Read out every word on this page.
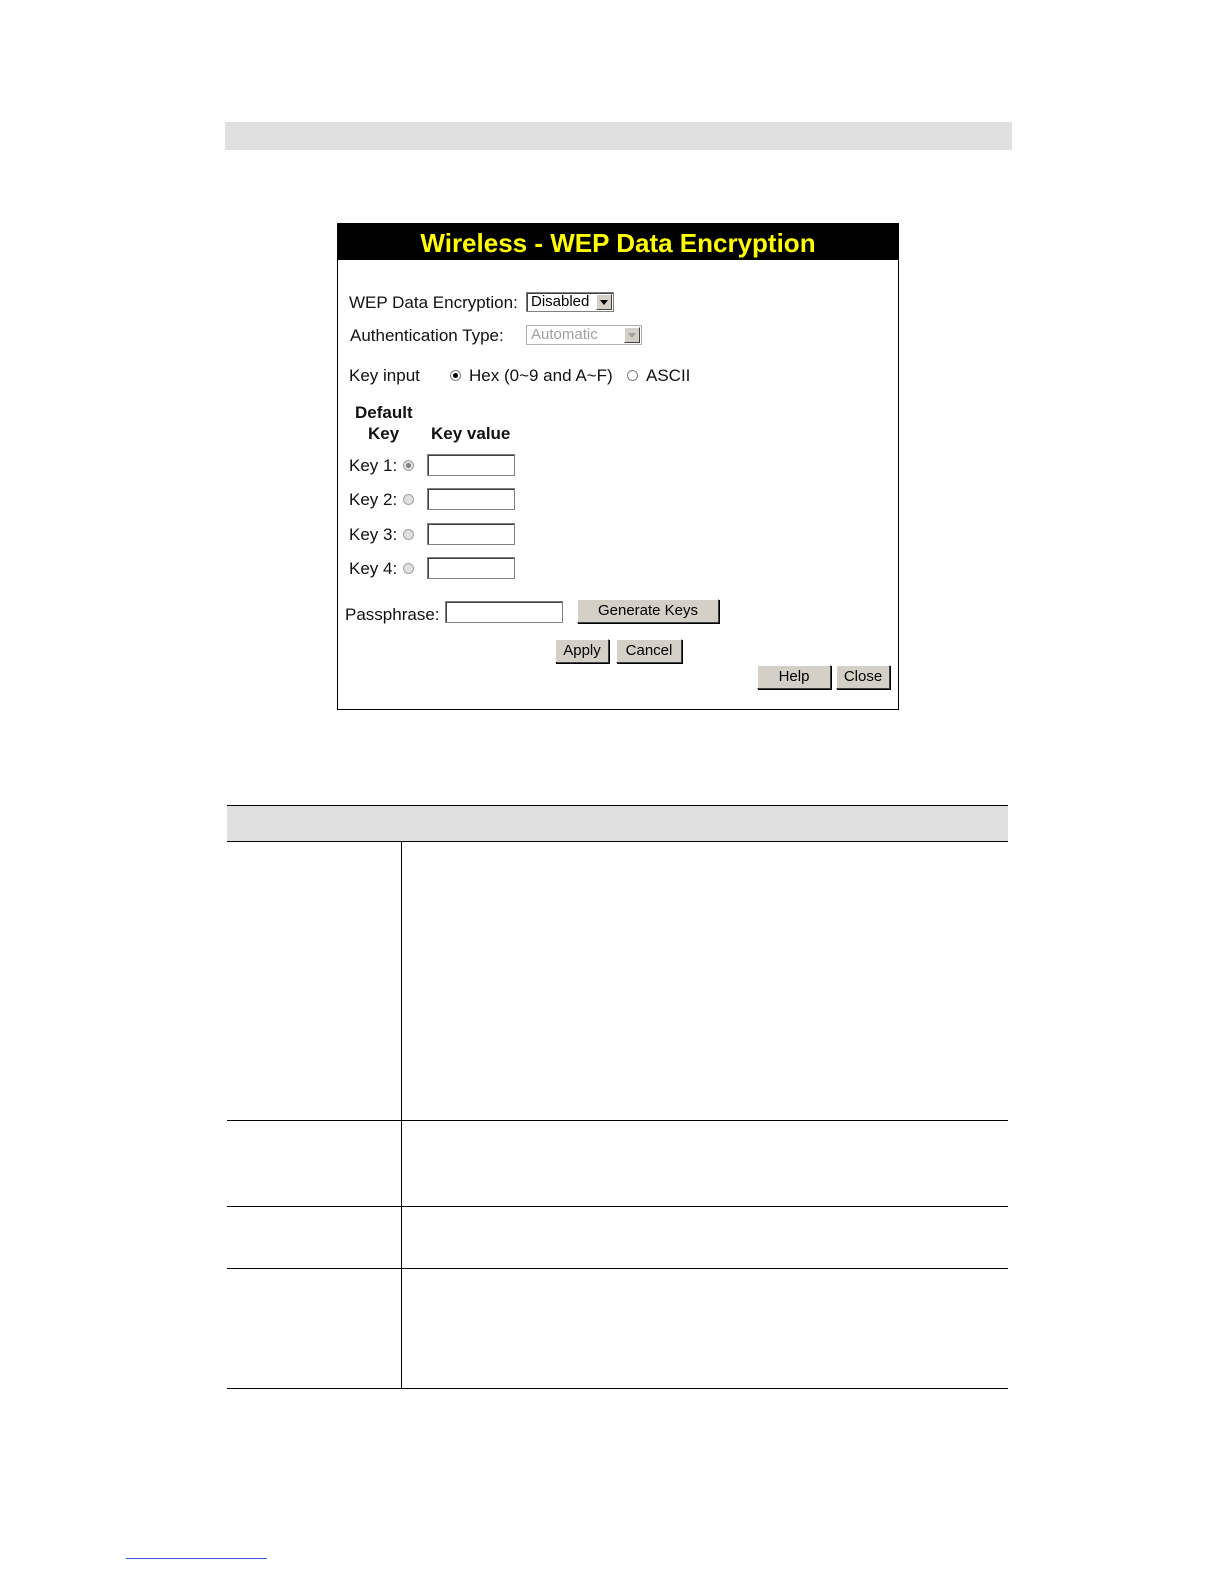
Wireless - WEP Data Encryption
WEP Data Encryption: Disabled
Authentication Type:	Automatic
Key input	Hex (0~9 and A~F) ASCII
Default
Key Key value
Key 1:
Key 2:
Key 3:
Key 4:
Passphrase:	Generate Keys
Apply	Cancel
Help	Close
